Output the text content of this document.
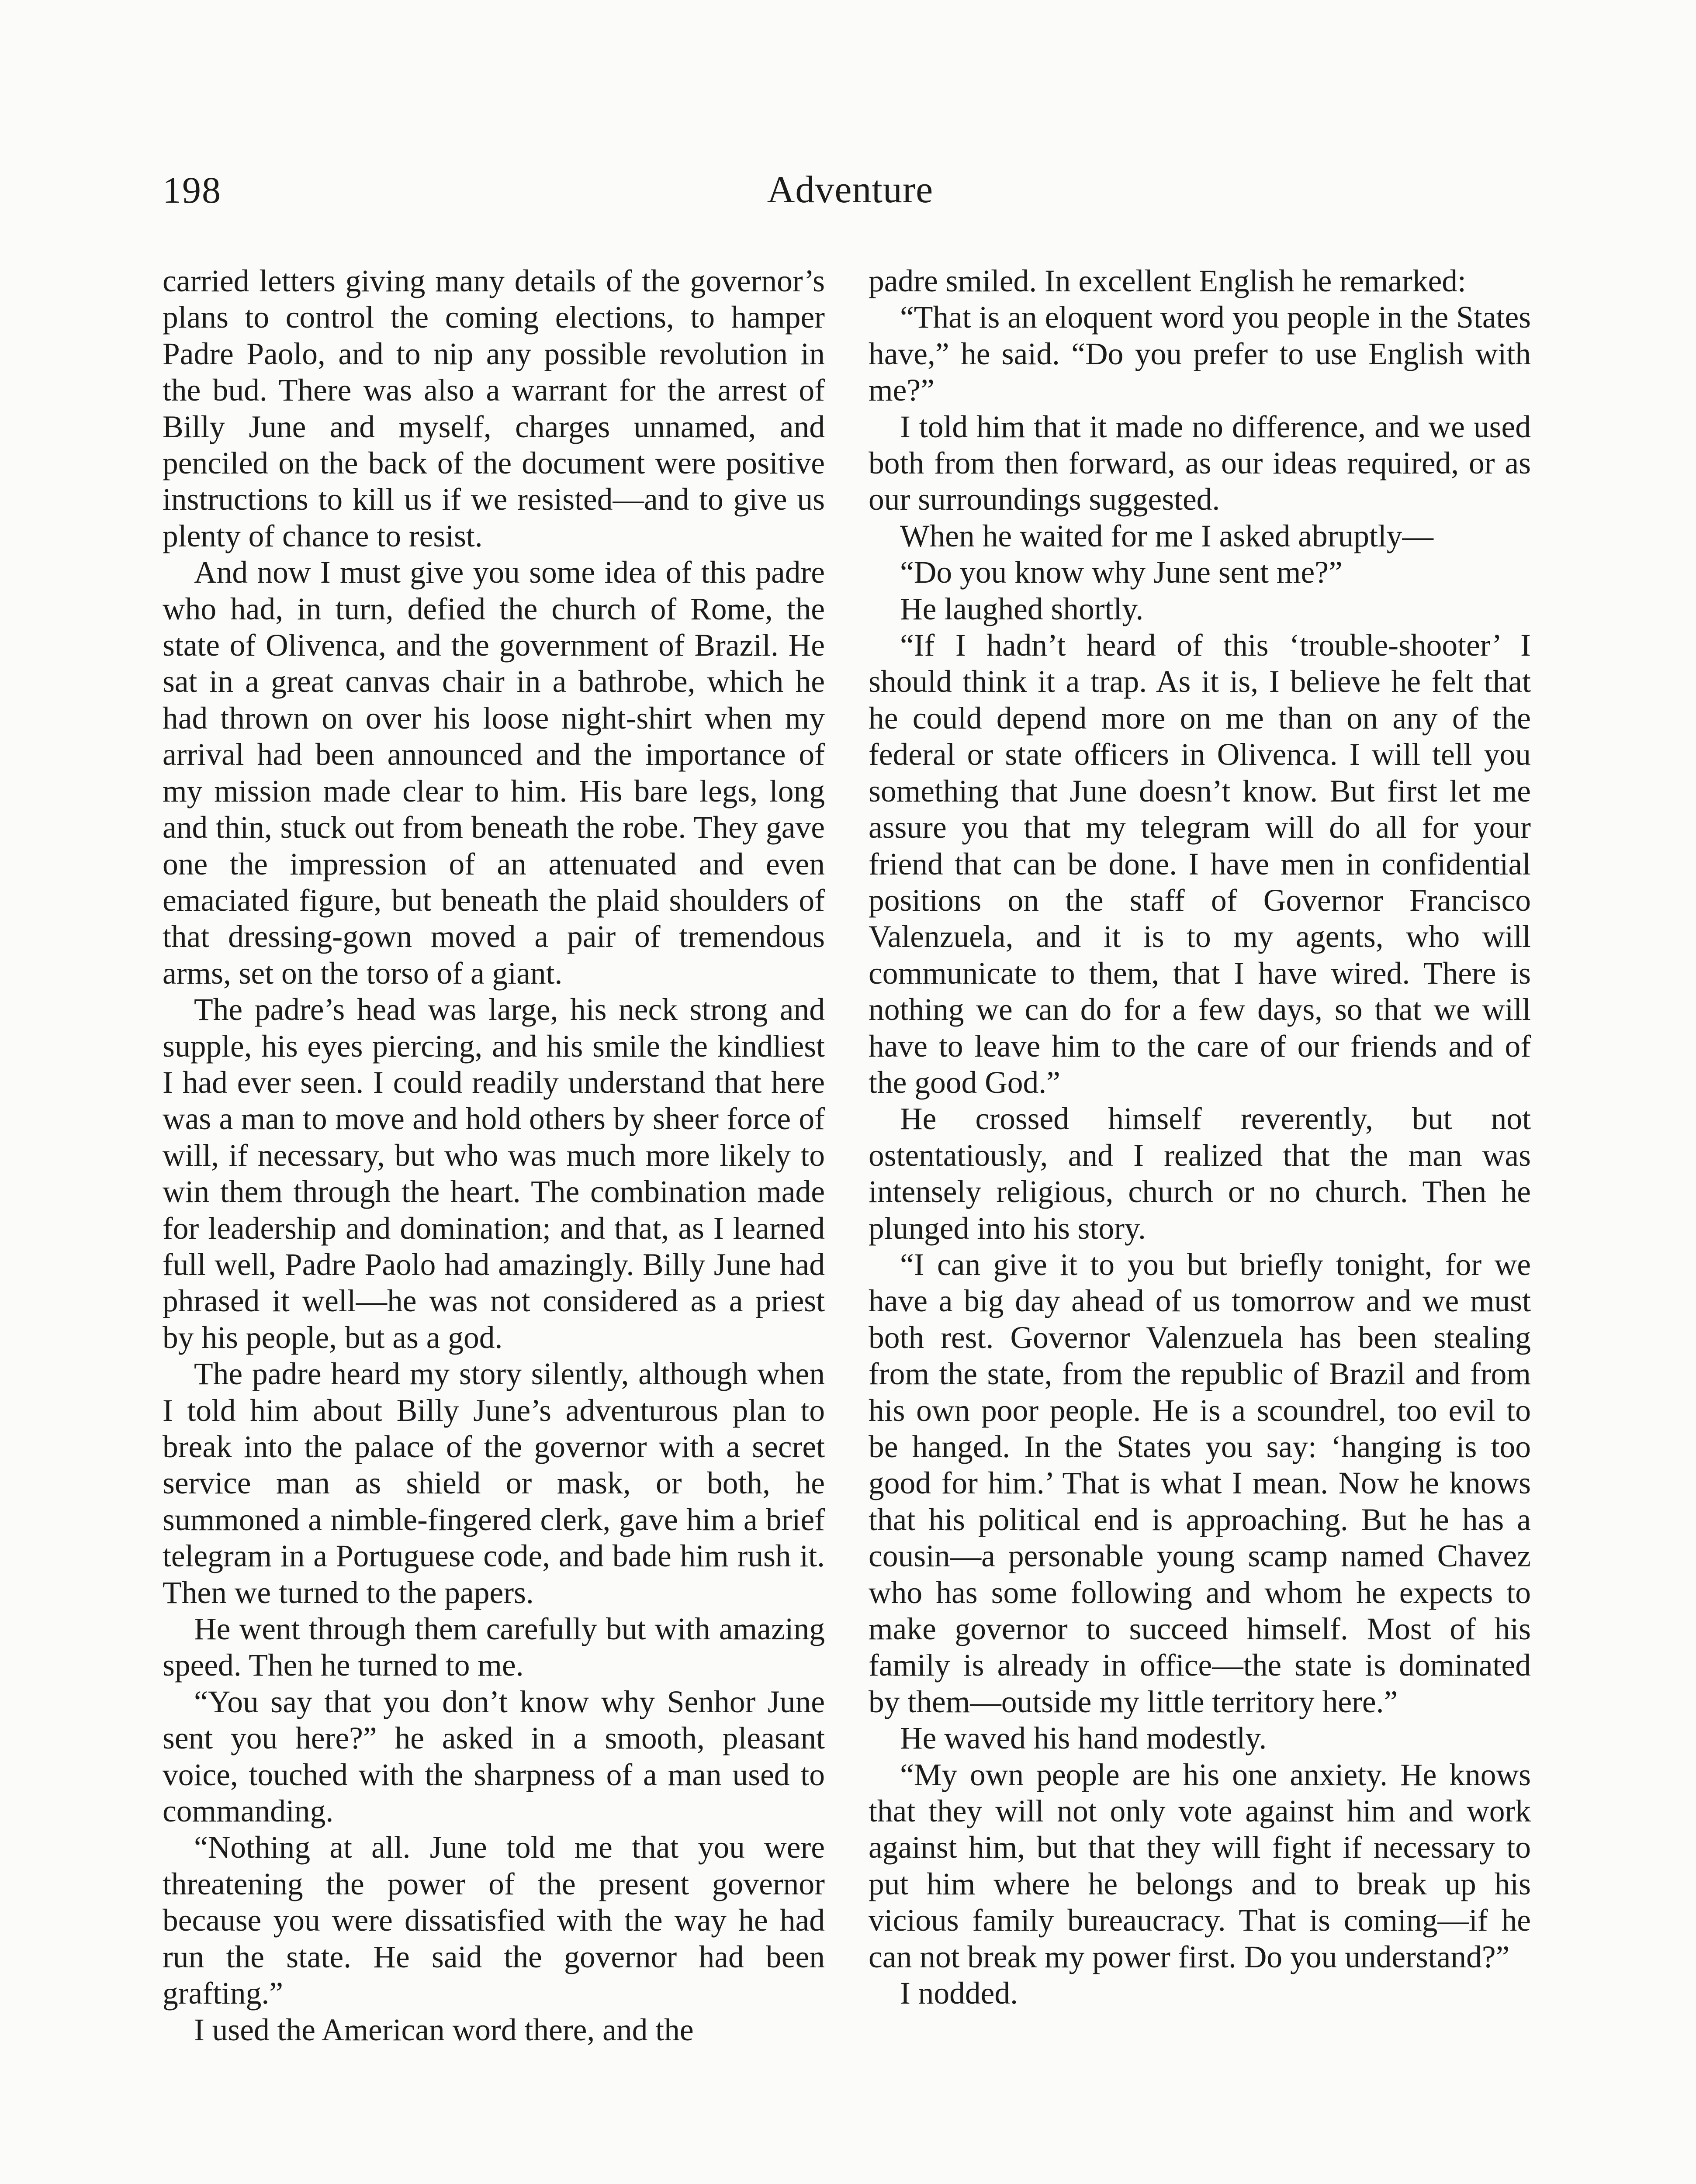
198	Adventure

carried letters giving many details of the governor’s plans to control the coming elections, to hamper Padre Paolo, and to nip any possible revolution in the bud. There was also a warrant for the arrest of Billy June and myself, charges unnamed, and penciled on the back of the document were positive instructions to kill us if we resisted—and to give us plenty of chance to resist.

And now I must give you some idea of this padre who had, in turn, defied the church of Rome, the state of Olivenca, and the government of Brazil. He sat in a great canvas chair in a bathrobe, which he had thrown on over his loose night-shirt when my arrival had been announced and the importance of my mission made clear to him. His bare legs, long and thin, stuck out from beneath the robe. They gave one the impression of an attenuated and even emaciated figure, but beneath the plaid shoulders of that dressing-gown moved a pair of tremendous arms, set on the torso of a giant.

The padre’s head was large, his neck strong and supple, his eyes piercing, and his smile the kindliest I had ever seen. I could readily understand that here was a man to move and hold others by sheer force of will, if necessary, but who was much more likely to win them through the heart. The combination made for leadership and domination; and that, as I learned full well, Padre Paolo had amazingly. Billy June had phrased it well—he was not considered as a priest by his people, but as a god.

The padre heard my story silently, although when I told him about Billy June’s adventurous plan to break into the palace of the governor with a secret service man as shield or mask, or both, he summoned a nimble-fingered clerk, gave him a brief telegram in a Portuguese code, and bade him rush it. Then we turned to the papers.

He went through them carefully but with amazing speed. Then he turned to me.

“You say that you don’t know why Senhor June sent you here?” he asked in a smooth, pleasant voice, touched with the sharpness of a man used to commanding.

“Nothing at all. June told me that you were threatening the power of the present governor because you were dissatisfied with the way he had run the state. He said the governor had been grafting.”

I used the American word there, and the

padre smiled. In excellent English he remarked:

“That is an eloquent word you people in the States have,” he said. “Do you prefer to use English with me?”

I told him that it made no difference, and we used both from then forward, as our ideas required, or as our surroundings suggested.

When he waited for me I asked abruptly—

“Do you know why June sent me?”

He laughed shortly.

“If I hadn’t heard of this ‘trouble-shooter’ I should think it a trap. As it is, I believe he felt that he could depend more on me than on any of the federal or state officers in Olivenca. I will tell you something that June doesn’t know. But first let me assure you that my telegram will do all for your friend that can be done. I have men in confidential positions on the staff of Governor Francisco Valenzuela, and it is to my agents, who will communicate to them, that I have wired. There is nothing we can do for a few days, so that we will have to leave him to the care of our friends and of the good God.”

He crossed himself reverently, but not ostentatiously, and I realized that the man was intensely religious, church or no church. Then he plunged into his story.

“I can give it to you but briefly tonight, for we have a big day ahead of us tomorrow and we must both rest. Governor Valenzuela has been stealing from the state, from the republic of Brazil and from his own poor people. He is a scoundrel, too evil to be hanged. In the States you say: ‘hanging is too good for him.’ That is what I mean. Now he knows that his political end is approaching. But he has a cousin—a personable young scamp named Chavez who has some following and whom he expects to make governor to succeed himself. Most of his family is already in office—the state is dominated by them—outside my little territory here.”

He waved his hand modestly.

“My own people are his one anxiety. He knows that they will not only vote against him and work against him, but that they will fight if necessary to put him where he belongs and to break up his vicious family bureaucracy. That is coming—if he can not break my power first. Do you understand?”

I nodded.
